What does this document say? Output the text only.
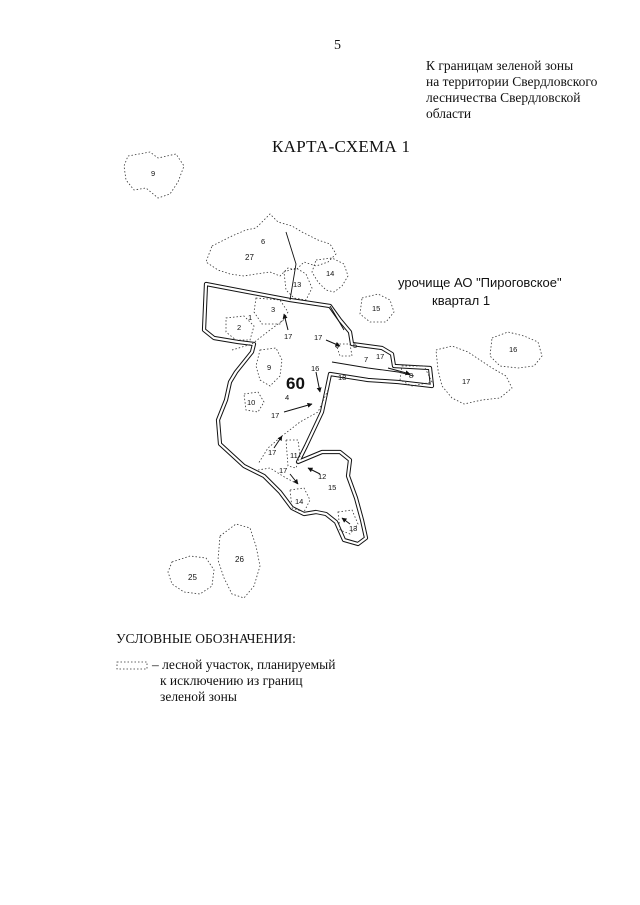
5
К границам зеленой зоны
на территории Свердловского
лесничества Свердловской
области
КАРТА-СХЕМА 1
урочище АО "Пироговское"
квартал 1
60
9
27
6
14
13
15
16
17
1
3
2
17
9
10
17
6 5
7 17
8
16
18
4
17
17 11
17
12
14
15
13
26
25
УСЛОВНЫЕ ОБОЗНАЧЕНИЯ:
– лесной участок, планируемый
к исключению из границ
зеленой зоны
